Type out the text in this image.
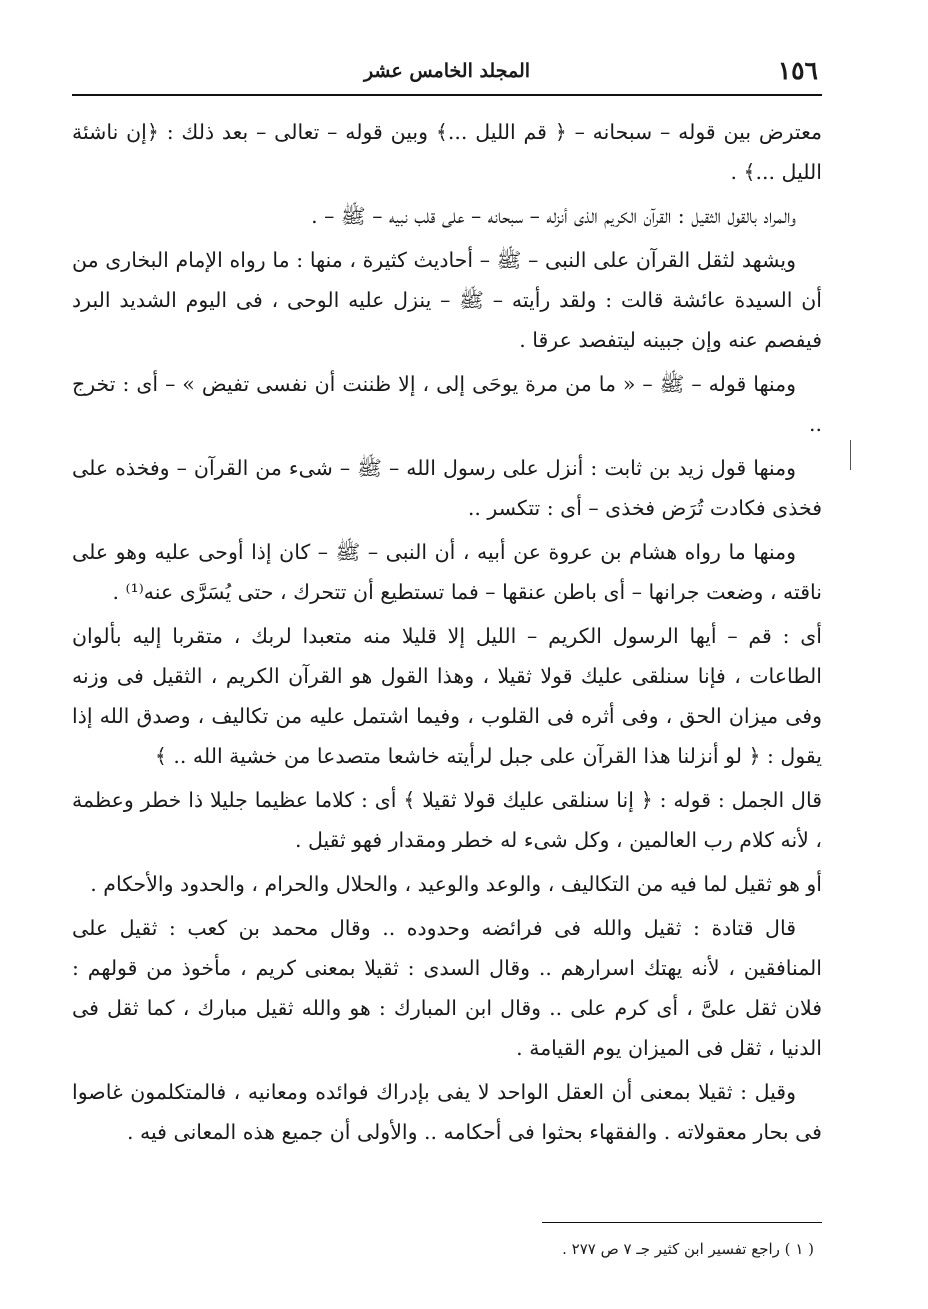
١٥٦
المجلد الخامس عشر

معترض بين قوله – سبحانه – ﴿ قم الليل ...﴾ وبين قوله – تعالى – بعد ذلك : ﴿إن ناشئة الليل ...﴾ .

والمراد بالقول الثقيل : القرآن الكريم الذى أنزله – سبحانه – على قلب نبيه – ﷺ – .

ويشهد لثقل القرآن على النبى – ﷺ – أحاديث كثيرة ، منها : ما رواه الإمام البخارى من أن السيدة عائشة قالت : ولقد رأيته – ﷺ – ينزل عليه الوحى ، فى اليوم الشديد البرد فيفصم عنه وإن جبينه ليتفصد عرقا .

ومنها قوله – ﷺ – « ما من مرة يوحَى إلى ، إلا ظننت أن نفسى تفيض » – أى : تخرج ..

ومنها قول زيد بن ثابت : أنزل على رسول الله – ﷺ – شىء من القرآن – وفخذه على فخذى فكادت تُرَض فخذى – أى : تتكسر ..

ومنها ما رواه هشام بن عروة عن أبيه ، أن النبى – ﷺ – كان إذا أوحى عليه وهو على ناقته ، وضعت جرانها – أى باطن عنقها – فما تستطيع أن تتحرك ، حتى يُسَرَّى عنه⁽¹⁾ .

أى : قم – أيها الرسول الكريم – الليل إلا قليلا منه متعبدا لربك ، متقربا إليه بألوان الطاعات ، فإنا سنلقى عليك قولا ثقيلا ، وهذا القول هو القرآن الكريم ، الثقيل فى وزنه وفى ميزان الحق ، وفى أثره فى القلوب ، وفيما اشتمل عليه من تكاليف ، وصدق الله إذا يقول : ﴿ لو أنزلنا هذا القرآن على جبل لرأيته خاشعا متصدعا من خشية الله .. ﴾

قال الجمل : قوله : ﴿ إنا سنلقى عليك قولا ثقيلا ﴾ أى : كلاما عظيما جليلا ذا خطر وعظمة ، لأنه كلام رب العالمين ، وكل شىء له خطر ومقدار فهو ثقيل .

أو هو ثقيل لما فيه من التكاليف ، والوعد والوعيد ، والحلال والحرام ، والحدود والأحكام .

قال قتادة : ثقيل والله فى فرائضه وحدوده .. وقال محمد بن كعب : ثقيل على المنافقين ، لأنه يهتك اسرارهم .. وقال السدى : ثقيلا بمعنى كريم ، مأخوذ من قولهم : فلان ثقل علىَّ ، أى كرم على .. وقال ابن المبارك : هو والله ثقيل مبارك ، كما ثقل فى الدنيا ، ثقل فى الميزان يوم القيامة .

وقيل : ثقيلا بمعنى أن العقل الواحد لا يفى بإدراك فوائده ومعانيه ، فالمتكلمون غاصوا فى بحار معقولاته . والفقهاء بحثوا فى أحكامه .. والأولى أن جميع هذه المعانى فيه .

( ١ ) راجع تفسير ابن كثير جـ ٧ ص ٢٧٧ .
